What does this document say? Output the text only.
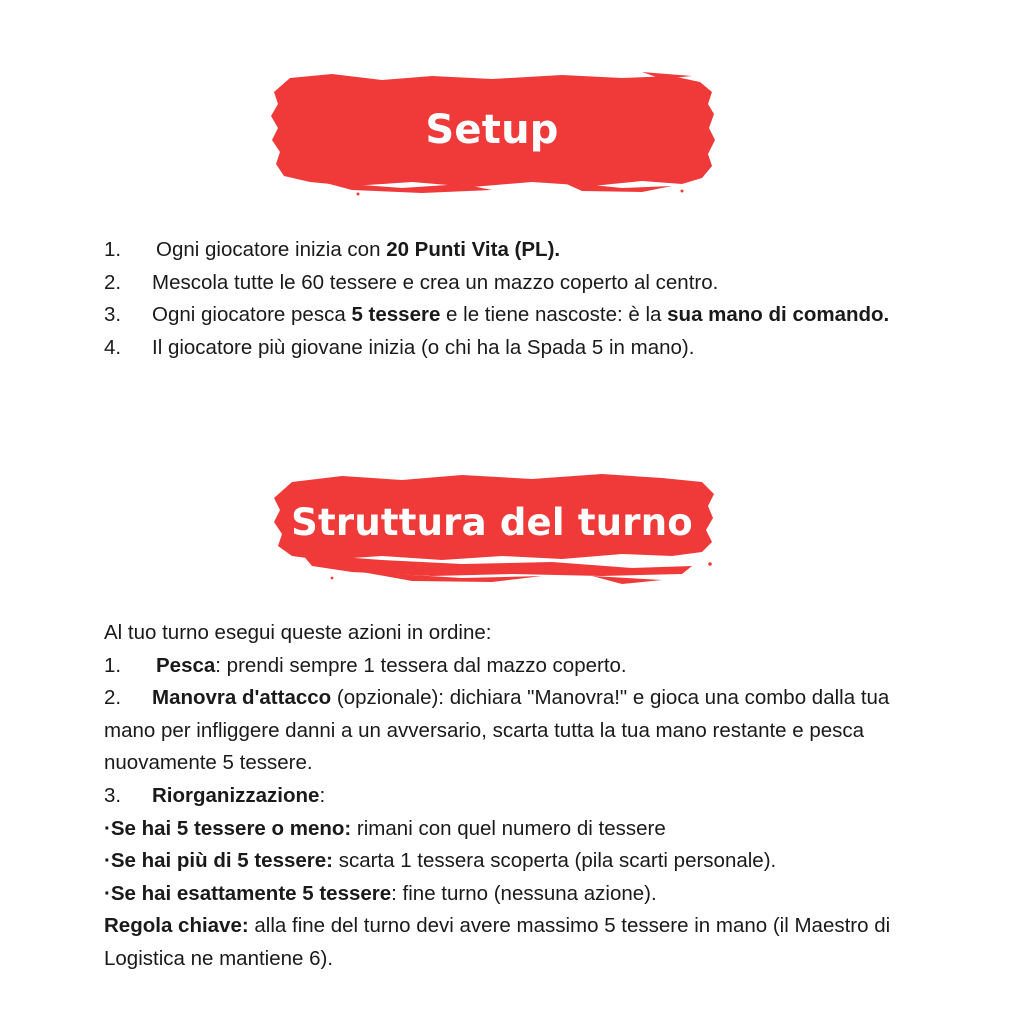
Setup

1. Ogni giocatore inizia con 20 Punti Vita (PL).

2. Mescola tutte le 60 tessere e crea un mazzo coperto al centro.

3. Ogni giocatore pesca 5 tessere e le tiene nascoste: è la sua mano di comando.

4. Il giocatore più giovane inizia (o chi ha la Spada 5 in mano).

Struttura del turno

Al tuo turno esegui queste azioni in ordine:

1. Pesca: prendi sempre 1 tessera dal mazzo coperto.

2. Manovra d'attacco (opzionale): dichiara "Manovra!" e gioca una combo dalla tua mano per infliggere danni a un avversario, scarta tutta la tua mano restante e pesca nuovamente 5 tessere.

3. Riorganizzazione:

·Se hai 5 tessere o meno: rimani con quel numero di tessere

·Se hai più di 5 tessere: scarta 1 tessera scoperta (pila scarti personale).

·Se hai esattamente 5 tessere: fine turno (nessuna azione).

Regola chiave: alla fine del turno devi avere massimo 5 tessere in mano (il Maestro di Logistica ne mantiene 6).
